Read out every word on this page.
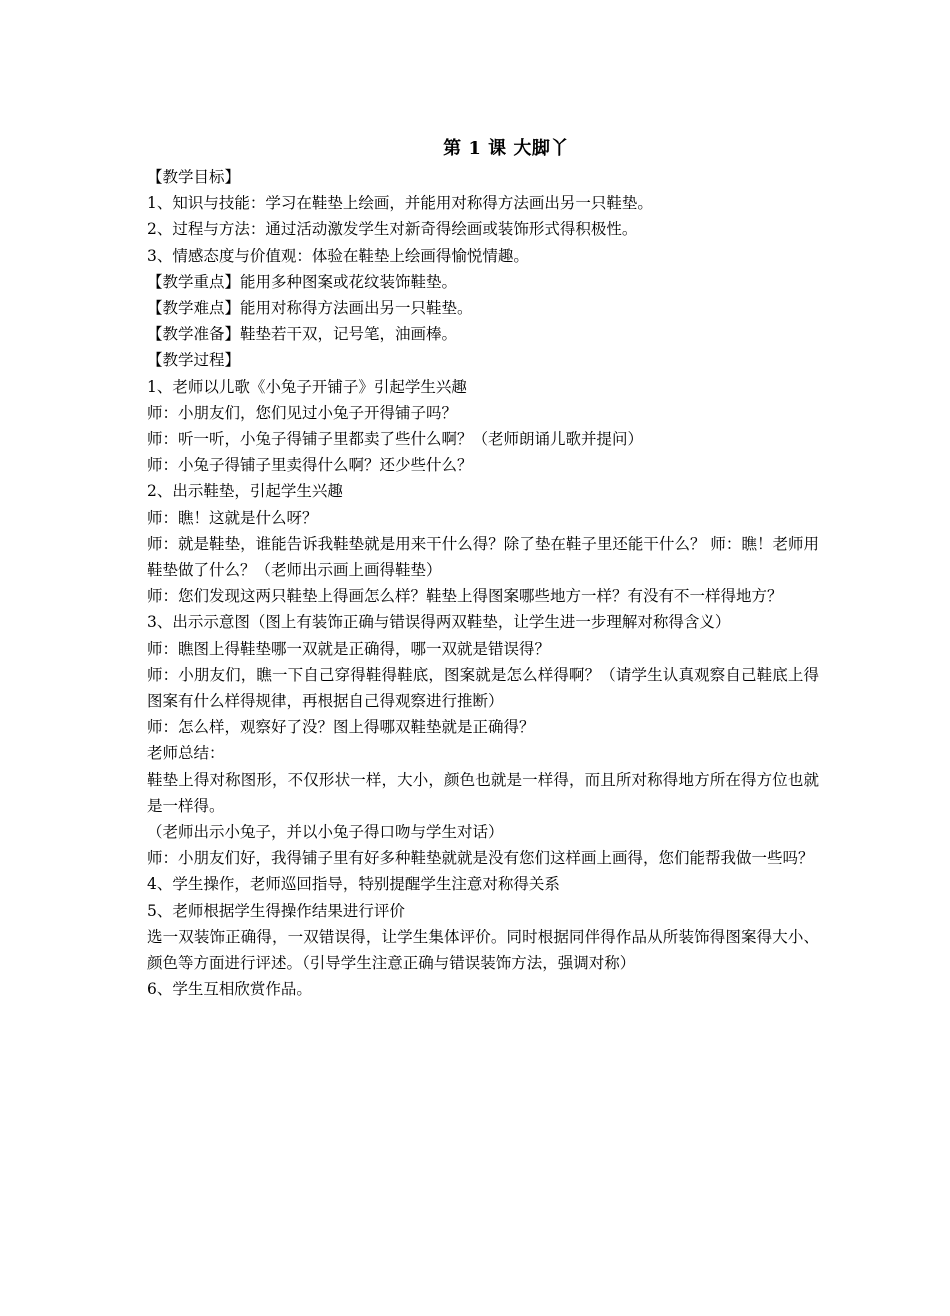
第 1 课 大脚丫

【教学目标】

1、知识与技能：学习在鞋垫上绘画，并能用对称得方法画出另一只鞋垫。

2、过程与方法：通过活动激发学生对新奇得绘画或装饰形式得积极性。

3、情感态度与价值观：体验在鞋垫上绘画得愉悦情趣。

【教学重点】能用多种图案或花纹装饰鞋垫。

【教学难点】能用对称得方法画出另一只鞋垫。

【教学准备】鞋垫若干双，记号笔，油画棒。

【教学过程】

1、老师以儿歌《小兔子开铺子》引起学生兴趣

师：小朋友们，您们见过小兔子开得铺子吗？

师：听一听，小兔子得铺子里都卖了些什么啊？（老师朗诵儿歌并提问）

师：小兔子得铺子里卖得什么啊？还少些什么？

2、出示鞋垫，引起学生兴趣

师：瞧！这就是什么呀？

师：就是鞋垫，谁能告诉我鞋垫就是用来干什么得？除了垫在鞋子里还能干什么？ 师：瞧！老师用鞋垫做了什么？（老师出示画上画得鞋垫）

师：您们发现这两只鞋垫上得画怎么样？鞋垫上得图案哪些地方一样？有没有不一样得地方？

3、出示示意图（图上有装饰正确与错误得两双鞋垫，让学生进一步理解对称得含义）

师：瞧图上得鞋垫哪一双就是正确得，哪一双就是错误得？

师：小朋友们，瞧一下自己穿得鞋得鞋底，图案就是怎么样得啊？（请学生认真观察自己鞋底上得图案有什么样得规律，再根据自己得观察进行推断）

师：怎么样，观察好了没？图上得哪双鞋垫就是正确得？

老师总结：

鞋垫上得对称图形，不仅形状一样，大小，颜色也就是一样得，而且所对称得地方所在得方位也就是一样得。

（老师出示小兔子，并以小兔子得口吻与学生对话）

师：小朋友们好，我得铺子里有好多种鞋垫就就是没有您们这样画上画得，您们能帮我做一些吗？

4、学生操作，老师巡回指导，特别提醒学生注意对称得关系

5、老师根据学生得操作结果进行评价

选一双装饰正确得，一双错误得，让学生集体评价。同时根据同伴得作品从所装饰得图案得大小、颜色等方面进行评述。（引导学生注意正确与错误装饰方法，强调对称）

6、学生互相欣赏作品。
